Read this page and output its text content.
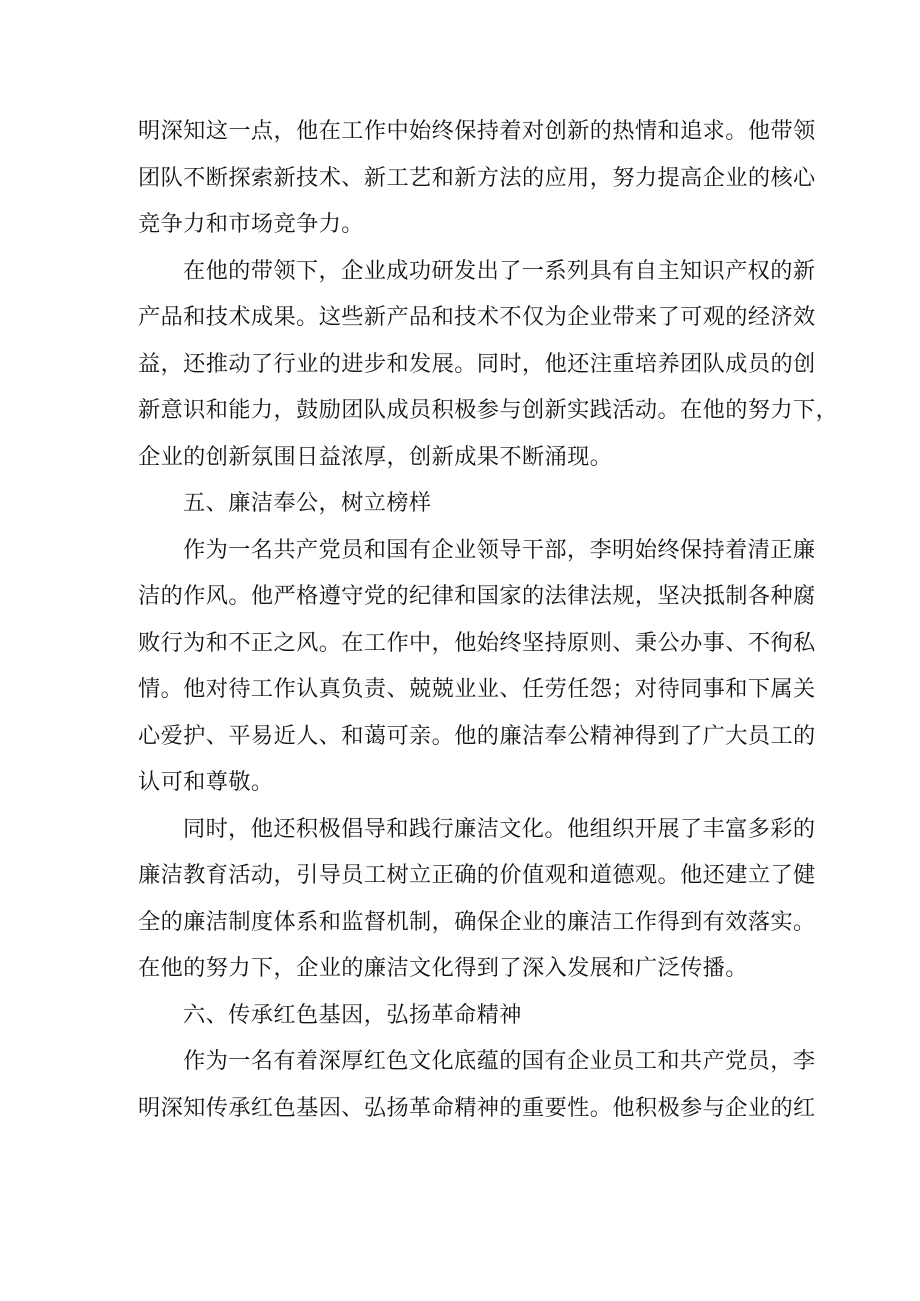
明深知这一点，他在工作中始终保持着对创新的热情和追求。他带领
团队不断探索新技术、新工艺和新方法的应用，努力提高企业的核心
竞争力和市场竞争力。
在他的带领下，企业成功研发出了一系列具有自主知识产权的新
产品和技术成果。这些新产品和技术不仅为企业带来了可观的经济效
益，还推动了行业的进步和发展。同时，他还注重培养团队成员的创
新意识和能力，鼓励团队成员积极参与创新实践活动。在他的努力下，
企业的创新氛围日益浓厚，创新成果不断涌现。
五、廉洁奉公，树立榜样
作为一名共产党员和国有企业领导干部，李明始终保持着清正廉
洁的作风。他严格遵守党的纪律和国家的法律法规，坚决抵制各种腐
败行为和不正之风。在工作中，他始终坚持原则、秉公办事、不徇私
情。他对待工作认真负责、兢兢业业、任劳任怨；对待同事和下属关
心爱护、平易近人、和蔼可亲。他的廉洁奉公精神得到了广大员工的
认可和尊敬。
同时，他还积极倡导和践行廉洁文化。他组织开展了丰富多彩的
廉洁教育活动，引导员工树立正确的价值观和道德观。他还建立了健
全的廉洁制度体系和监督机制，确保企业的廉洁工作得到有效落实。
在他的努力下，企业的廉洁文化得到了深入发展和广泛传播。
六、传承红色基因，弘扬革命精神
作为一名有着深厚红色文化底蕴的国有企业员工和共产党员，李
明深知传承红色基因、弘扬革命精神的重要性。他积极参与企业的红
